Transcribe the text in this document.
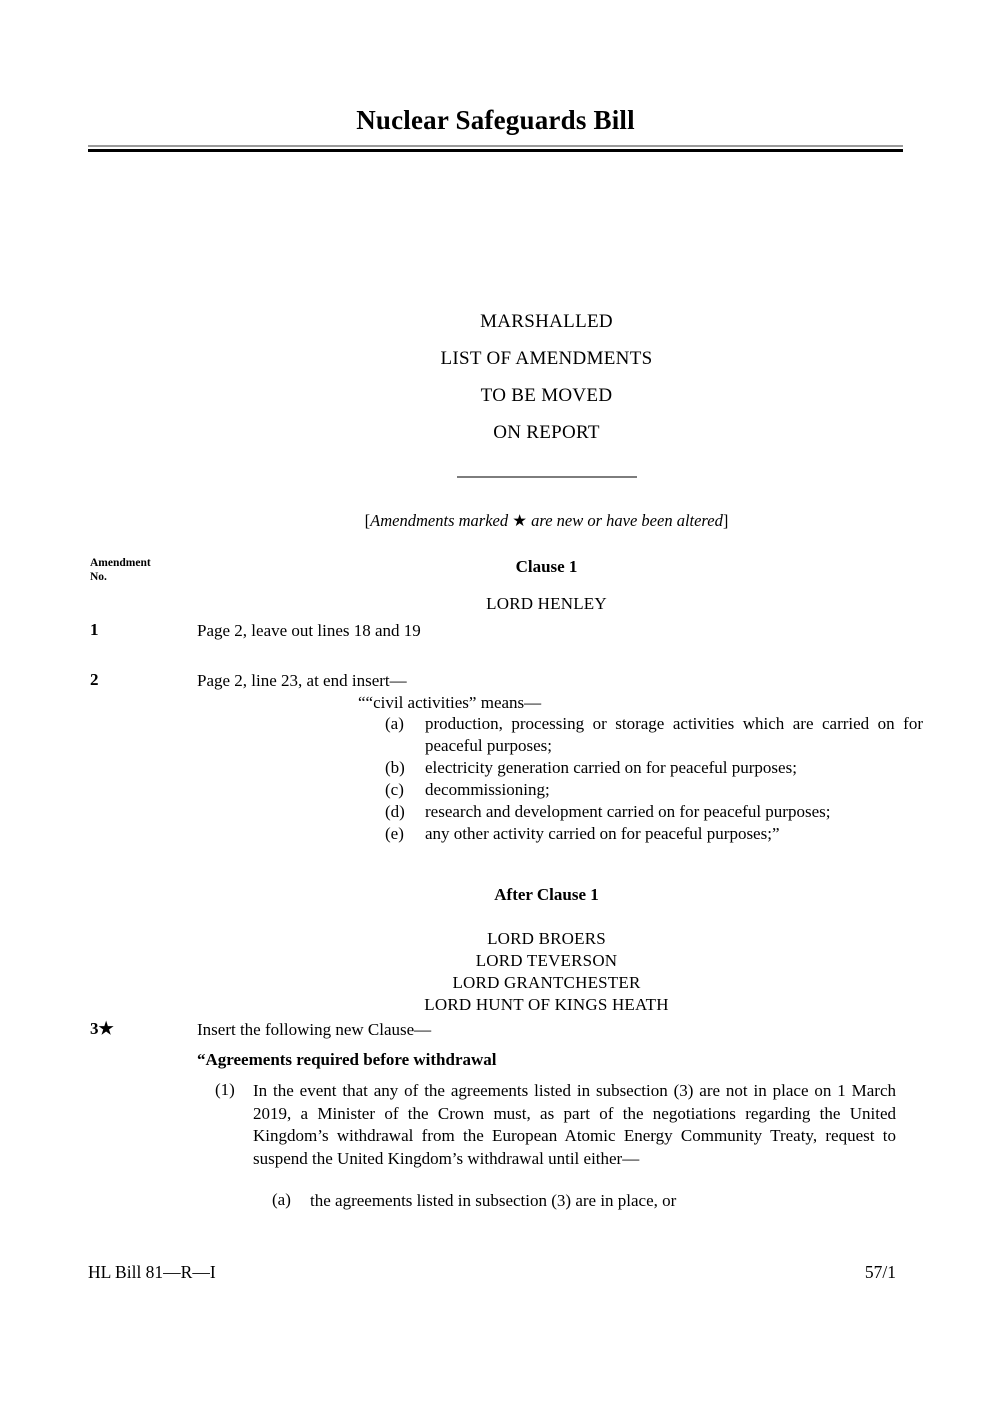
Nuclear Safeguards Bill
MARSHALLED
LIST OF AMENDMENTS
TO BE MOVED
ON REPORT
[Amendments marked ★ are new or have been altered]
Amendment
No.
Clause 1
LORD HENLEY
1	Page 2, leave out lines 18 and 19
2	Page 2, line 23, at end insert—
““civil activities” means—
(a)	production, processing or storage activities which are carried on for peaceful purposes;
(b)	electricity generation carried on for peaceful purposes;
(c)	decommissioning;
(d)	research and development carried on for peaceful purposes;
(e)	any other activity carried on for peaceful purposes;”
After Clause 1
LORD BROERS
LORD TEVERSON
LORD GRANTCHESTER
LORD HUNT OF KINGS HEATH
3★	Insert the following new Clause—
“Agreements required before withdrawal
(1)	In the event that any of the agreements listed in subsection (3) are not in place on 1 March 2019, a Minister of the Crown must, as part of the negotiations regarding the United Kingdom’s withdrawal from the European Atomic Energy Community Treaty, request to suspend the United Kingdom’s withdrawal until either—
(a)	the agreements listed in subsection (3) are in place, or
HL Bill 81—R—I	57/1
